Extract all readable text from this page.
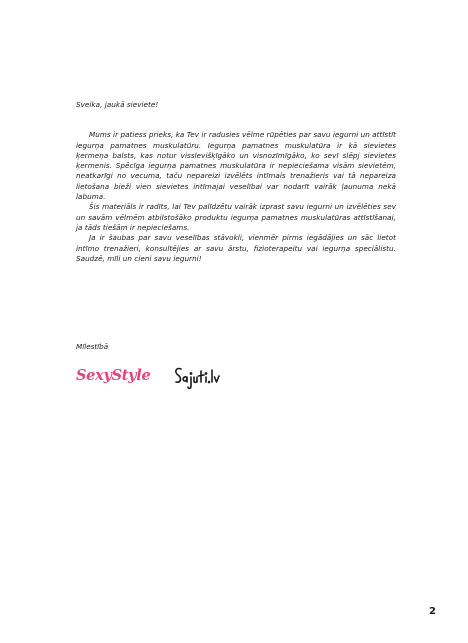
Sveika, jaukā sieviete!

Mums ir patiess prieks, ka Tev ir radusies vēlme rūpēties par savu iegurni un attīstīt iegurņa pamatnes muskulatūru. Iegurņa pamatnes muskulatūra ir kā sievietes ķermeņa balsts, kas notur visslevišķīgāko un visnozīmīgāko, ko sevī slēpj sievietes ķermenis. Spēcīga iegurņa pamatnes muskulatūra ir nepieciešama visām sievietēm, neatkarīgi no vecuma, taču nepareizi izvēlēts intīmais trenažieris vai tā nepareiza lietošana bieži vien sievietes intīmajai veselībai var nodarīt vairāk ļaunuma nekā labuma.

Šis materiāls ir radīts, lai Tev palīdzētu vairāk izprast savu iegurni un izvēlēties sev un savām vēlmēm atbilstošāko produktu iegurņa pamatnes muskulatūras attīstīšanai, ja tāds tiešām ir nepieciešams.

Ja ir šaubas par savu veselības stāvokli, vienmēr pirms iegādājies un sāc lietot intīmo trenažieri, konsultējies ar savu ārstu, fizioterapeitu vai iegurņa speciālistu. Saudzē, mīli un cieni savu iegurni!

Mīlestībā
SexyStyle
2
